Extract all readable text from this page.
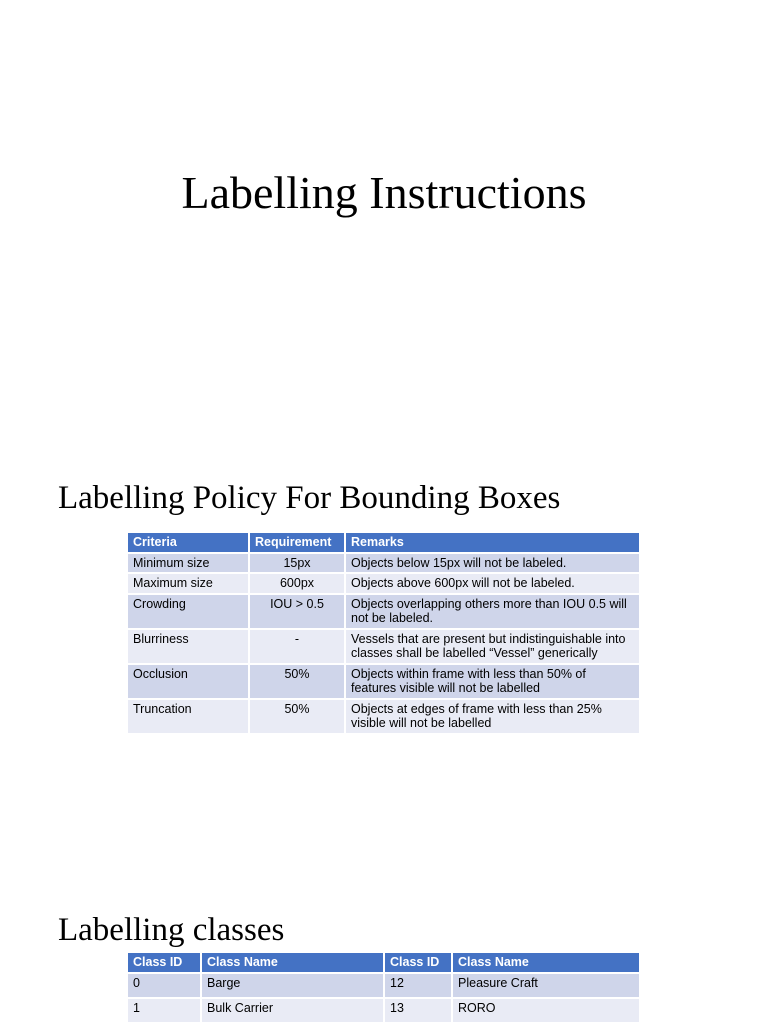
Labelling Instructions
Labelling Policy For Bounding Boxes
Criteria	Requirement	Remarks
Minimum size	15px	Objects below 15px will not be labeled.
Maximum size	600px	Objects above 600px will not be labeled.
Crowding	IOU > 0.5	Objects overlapping others more than IOU 0.5 will not be labeled.
Blurriness	-	Vessels that are present but indistinguishable into classes shall be labelled “Vessel” generically
Occlusion	50%	Objects within frame with less than 50% of features visible will not be labelled
Truncation	50%	Objects at edges of frame with less than 25% visible will not be labelled
Labelling classes
Class ID	Class Name	Class ID	Class Name
0	Barge	12	Pleasure Craft
1	Bulk Carrier	13	RORO
